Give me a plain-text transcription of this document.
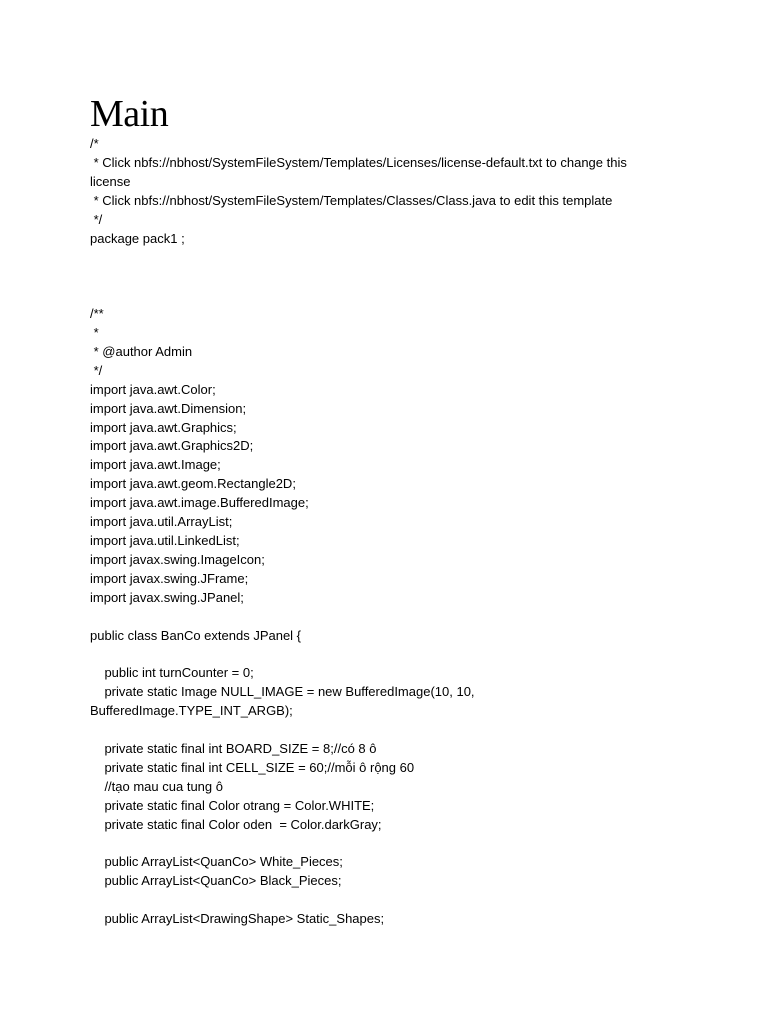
Main

/*

* Click nbfs://nbhost/SystemFileSystem/Templates/Licenses/license-default.txt to change this

license

* Click nbfs://nbhost/SystemFileSystem/Templates/Classes/Class.java to edit this template

*/

package pack1 ;

/**

*

* @author Admin

*/

import java.awt.Color;

import java.awt.Dimension;

import java.awt.Graphics;

import java.awt.Graphics2D;

import java.awt.Image;

import java.awt.geom.Rectangle2D;

import java.awt.image.BufferedImage;

import java.util.ArrayList;

import java.util.LinkedList;

import javax.swing.ImageIcon;

import javax.swing.JFrame;

import javax.swing.JPanel;

public class BanCo extends JPanel {

public int turnCounter = 0;

private static Image NULL_IMAGE = new BufferedImage(10, 10,

BufferedImage.TYPE_INT_ARGB);

private static final int BOARD_SIZE = 8;//có 8 ô

private static final int CELL_SIZE = 60;//mỗi ô rộng 60

//tạo mau cua tung ô

private static final Color otrang = Color.WHITE;

private static final Color oden  = Color.darkGray;

public ArrayList<QuanCo> White_Pieces;

public ArrayList<QuanCo> Black_Pieces;

public ArrayList<DrawingShape> Static_Shapes;
